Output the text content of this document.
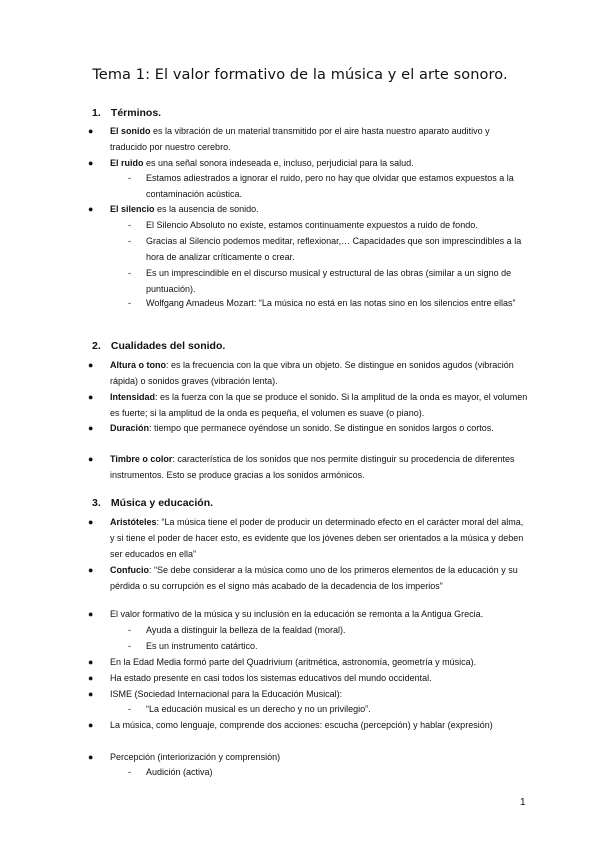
Tema 1: El valor formativo de la música y el arte sonoro.
1. Términos.
● El sonido es la vibración de un material transmitido por el aire hasta nuestro aparato auditivo y traducido por nuestro cerebro.
● El ruido es una señal sonora indeseada e, incluso, perjudicial para la salud.
- Estamos adiestrados a ignorar el ruido, pero no hay que olvidar que estamos expuestos a la contaminación acústica.
● El silencio es la ausencia de sonido.
- El Silencio Absoluto no existe, estamos continuamente expuestos a ruido de fondo.
- Gracias al Silencio podemos meditar, reflexionar,… Capacidades que son imprescindibles a la hora de analizar críticamente o crear.
- Es un imprescindible en el discurso musical y estructural de las obras (similar a un signo de puntuación).
- Wolfgang Amadeus Mozart: “La música no está en las notas sino en los silencios entre ellas”
2. Cualidades del sonido.
● Altura o tono: es la frecuencia con la que vibra un objeto. Se distingue en sonidos agudos (vibración rápida) o sonidos graves (vibración lenta).
● Intensidad: es la fuerza con la que se produce el sonido. Si la amplitud de la onda es mayor, el volumen es fuerte; si la amplitud de la onda es pequeña, el volumen es suave (o piano).
● Duración: tiempo que permanece oyéndose un sonido. Se distingue en sonidos largos o cortos.
● Timbre o color: característica de los sonidos que nos permite distinguir su procedencia de diferentes instrumentos. Esto se produce gracias a los sonidos armónicos.
3. Música y educación.
● Aristóteles: “La música tiene el poder de producir un determinado efecto en el carácter moral del alma, y si tiene el poder de hacer esto, es evidente que los jóvenes deben ser orientados a la música y deben ser educados en ella”
● Confucio: “Se debe considerar a la música como uno de los primeros elementos de la educación y su pérdida o su corrupción es el signo más acabado de la decadencia de los imperios”
● El valor formativo de la música y su inclusión en la educación se remonta a la Antigua Grecia.
- Ayuda a distinguir la belleza de la fealdad (moral).
- Es un instrumento catártico.
● En la Edad Media formó parte del Quadrivium (aritmética, astronomía, geometría y música).
● Ha estado presente en casi todos los sistemas educativos del mundo occidental.
● ISME (Sociedad Internacional para la Educación Musical):
- “La educación musical es un derecho y no un privilegio”.
● La música, como lenguaje, comprende dos acciones: escucha (percepción) y hablar (expresión)
● Percepción (interiorización y comprensión)
- Audición (activa)
1
